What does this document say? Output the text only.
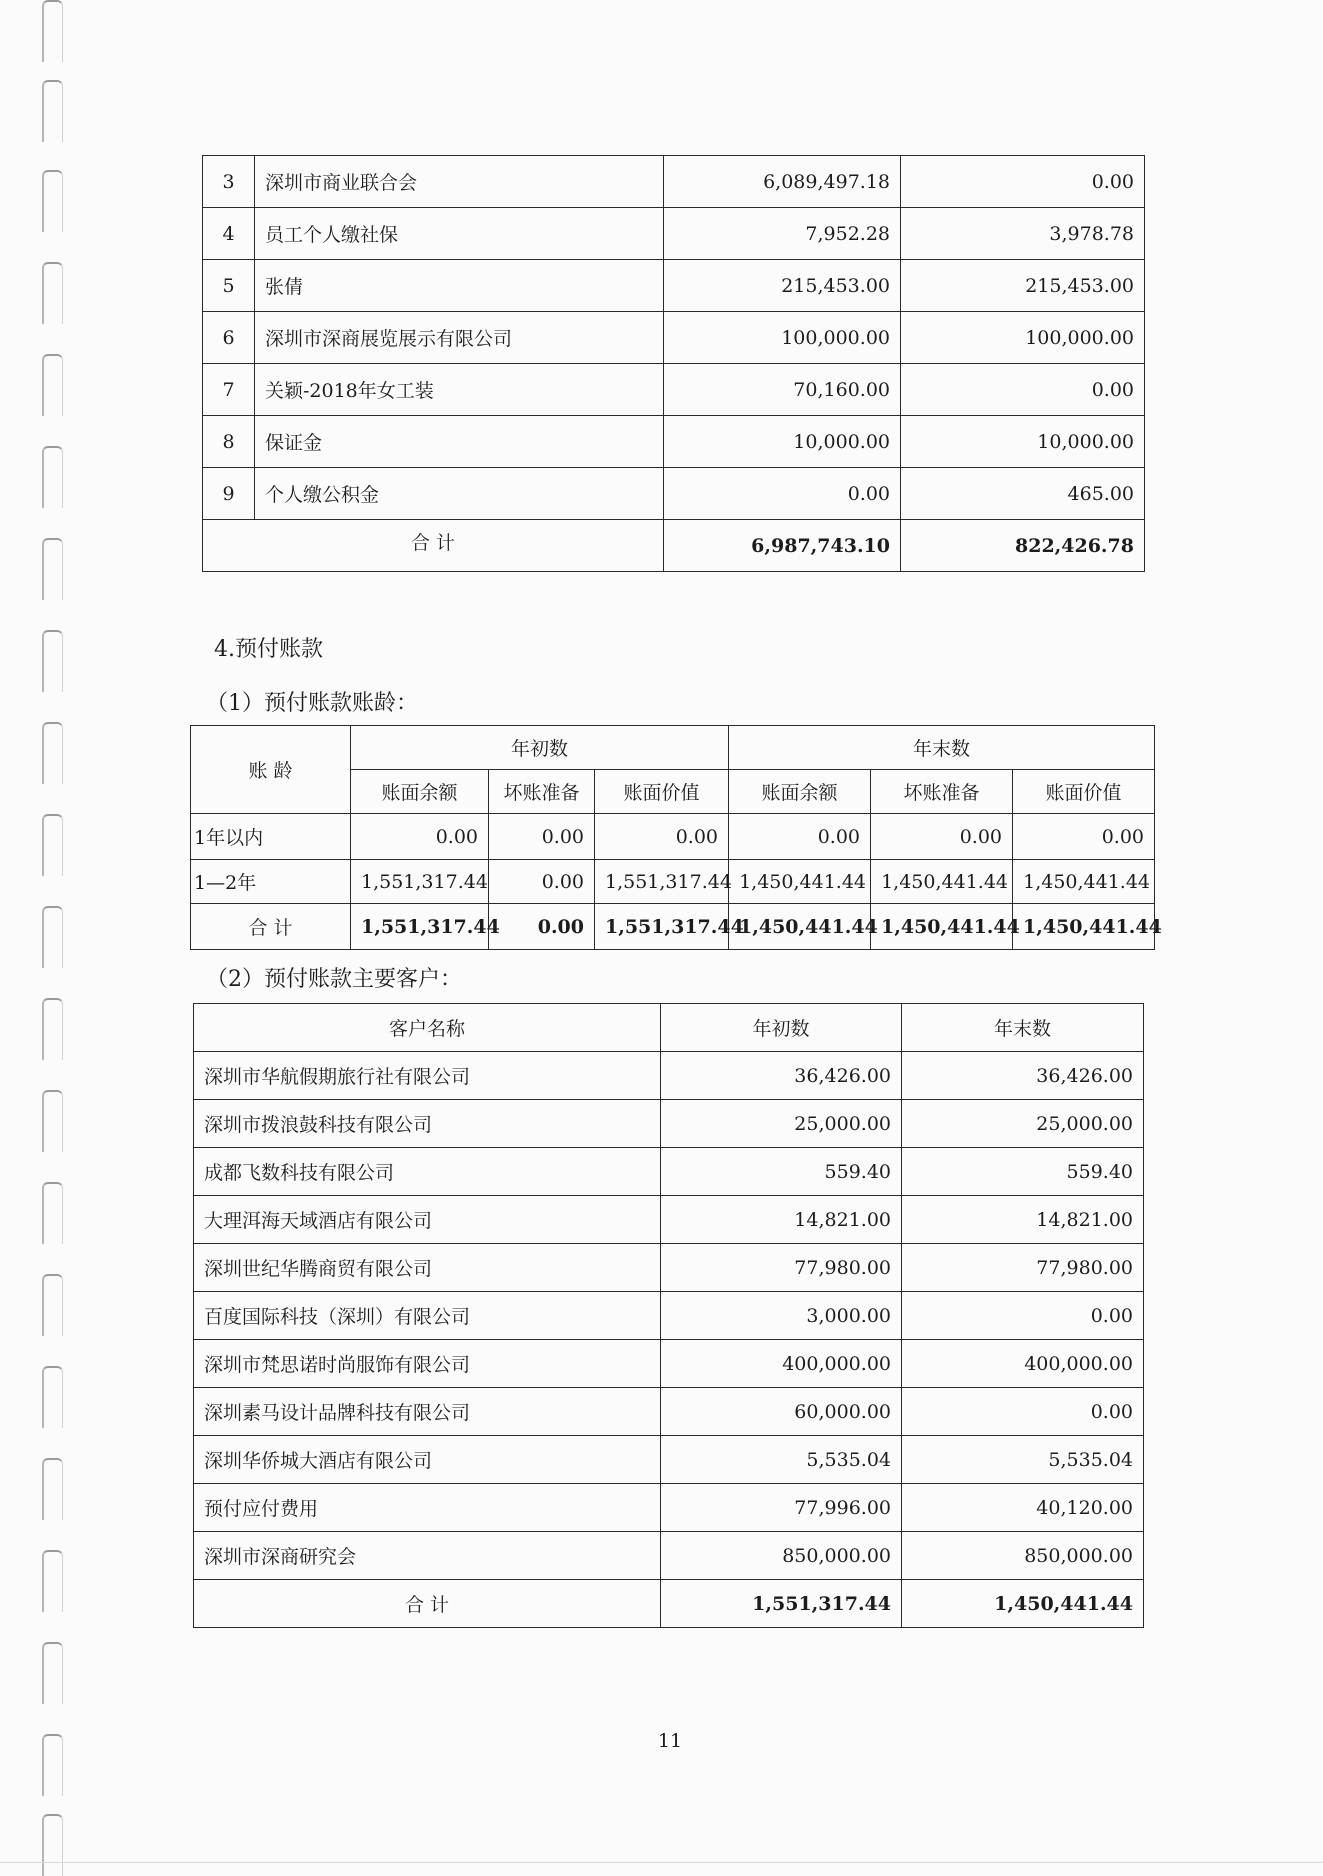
3	深圳市商业联合会	6,089,497.18	0.00
4	员工个人缴社保	7,952.28	3,978.78
5	张倩	215,453.00	215,453.00
6	深圳市深商展览展示有限公司	100,000.00	100,000.00
7	关颖-2018年女工装	70,160.00	0.00
8	保证金	10,000.00	10,000.00
9	个人缴公积金	0.00	465.00
合 计		6,987,743.10	822,426.78
4.预付账款
（1）预付账款账龄：
账 龄	年初数			年末数		
	账面余额	坏账准备	账面价值	账面余额	坏账准备	账面价值
1年以内	0.00	0.00	0.00	0.00	0.00	0.00
1—2年	1,551,317.44	0.00	1,551,317.44	1,450,441.44	1,450,441.44	1,450,441.44
合 计	1,551,317.44	0.00	1,551,317.44	1,450,441.44	1,450,441.44	1,450,441.44
（2）预付账款主要客户：
客户名称	年初数	年末数
深圳市华航假期旅行社有限公司	36,426.00	36,426.00
深圳市拨浪鼓科技有限公司	25,000.00	25,000.00
成都飞数科技有限公司	559.40	559.40
大理洱海天域酒店有限公司	14,821.00	14,821.00
深圳世纪华腾商贸有限公司	77,980.00	77,980.00
百度国际科技（深圳）有限公司	3,000.00	0.00
深圳市梵思诺时尚服饰有限公司	400,000.00	400,000.00
深圳素马设计品牌科技有限公司	60,000.00	0.00
深圳华侨城大酒店有限公司	5,535.04	5,535.04
预付应付费用	77,996.00	40,120.00
深圳市深商研究会	850,000.00	850,000.00
合 计	1,551,317.44	1,450,441.44
11
